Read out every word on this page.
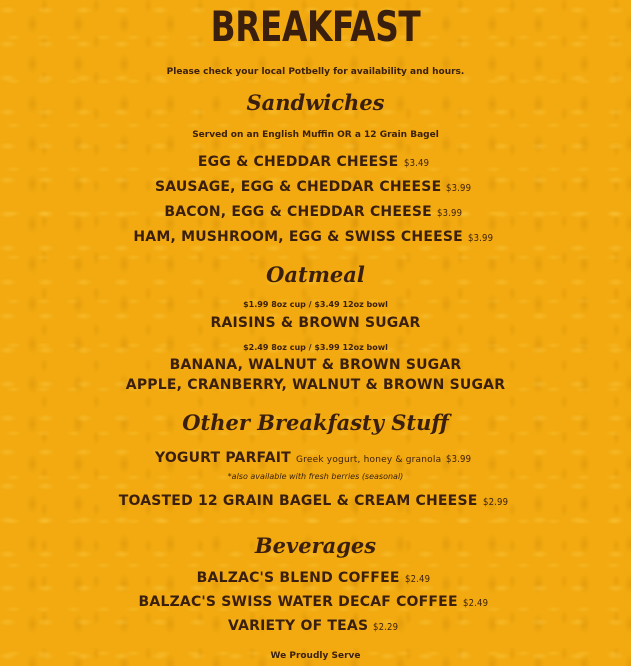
BREAKFAST
Please check your local Potbelly for availability and hours.
Sandwiches
Served on an English Muffin OR a 12 Grain Bagel
EGG & CHEDDAR CHEESE $3.49
SAUSAGE, EGG & CHEDDAR CHEESE $3.99
BACON, EGG & CHEDDAR CHEESE $3.99
HAM, MUSHROOM, EGG & SWISS CHEESE $3.99
Oatmeal
$1.99 8oz cup / $3.49 12oz bowl
RAISINS & BROWN SUGAR
$2.49 8oz cup / $3.99 12oz bowl
BANANA, WALNUT & BROWN SUGAR
APPLE, CRANBERRY, WALNUT & BROWN SUGAR
Other Breakfasty Stuff
YOGURT PARFAIT Greek yogurt, honey & granola $3.99
*also available with fresh berries (seasonal)
TOASTED 12 GRAIN BAGEL & CREAM CHEESE $2.99
Beverages
BALZAC'S BLEND COFFEE $2.49
BALZAC'S SWISS WATER DECAF COFFEE $2.49
VARIETY OF TEAS $2.29
We Proudly Serve
